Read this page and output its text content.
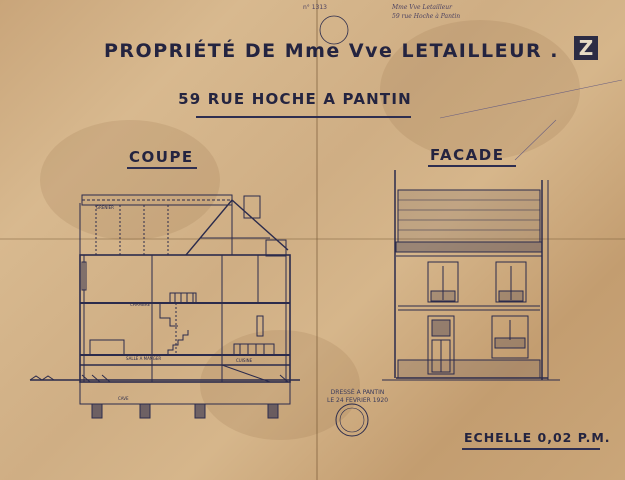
PROPRIÉTÉ DE Mme Vve LETAILLEUR . Z
59 RUE HOCHE A PANTIN
n° 1313	Mme Vve Letailleur
59 rue Hoche à Pantin
COUPE	FACADE
DRESSÉ A PANTIN
LE 24 FEVRIER 1920
CHAMBRE
SALLE A MANGER
CAVE
GRENIER
CUISINE
ECHELLE 0,02 P.M.
